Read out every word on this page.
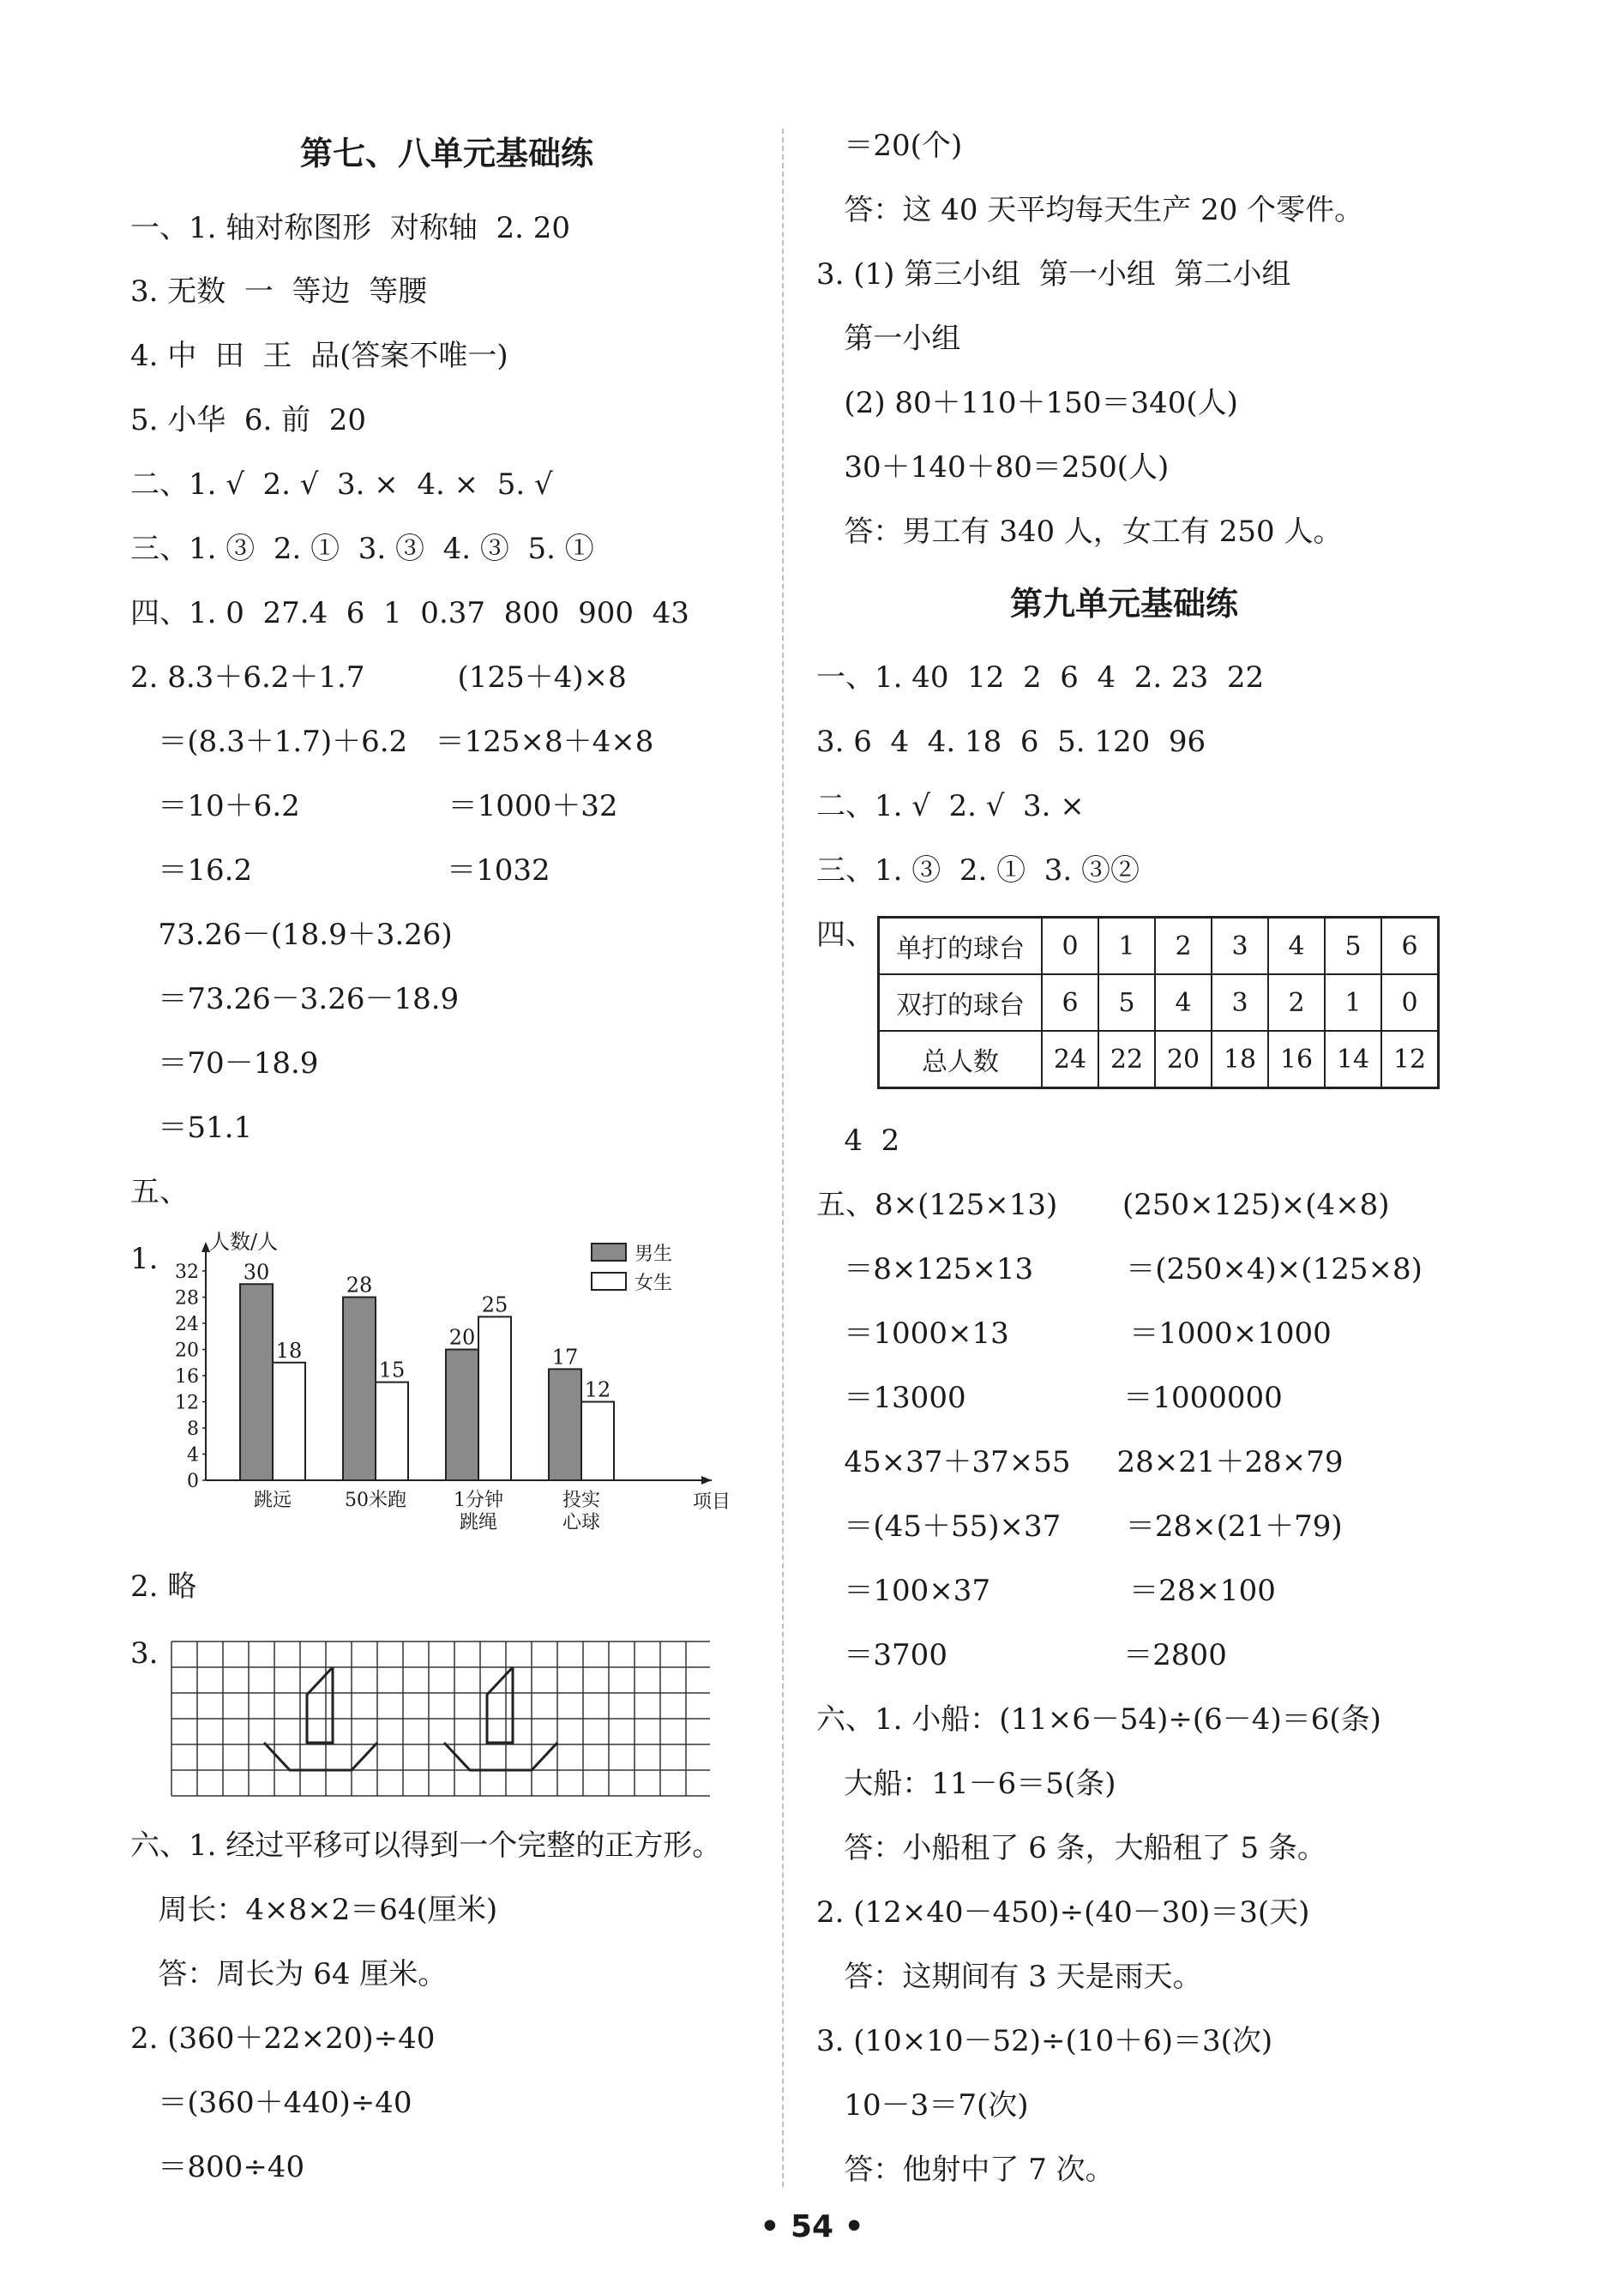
第七、八单元基础练
一、1. 轴对称图形  对称轴  2. 20
3. 无数  一  等边  等腰
4. 中  田  王  品(答案不唯一)
5. 小华  6. 前  20
二、1. √  2. √  3. ×  4. ×  5. √
三、1. ③  2. ①  3. ③  4. ③  5. ①
四、1. 0  27.4  6  1  0.37  800  900  43
2. 8.3＋6.2＋1.7          (125＋4)×8
＝(8.3＋1.7)＋6.2   ＝125×8＋4×8
＝10＋6.2                ＝1000＋32
＝16.2                     ＝1032
73.26－(18.9＋3.26)
＝73.26－3.26－18.9
＝70－18.9
＝51.1
五、
1.
0
4
8
12
16
20
24
28
32
人数/人
项目
30
18
跳远
28
15
50米跑
20
25
1分钟
跳绳
17
12
投实
心球
男生
女生
2. 略
3.
六、1. 经过平移可以得到一个完整的正方形。
周长：4×8×2＝64(厘米)
答：周长为 64 厘米。
2. (360＋22×20)÷40
＝(360＋440)÷40
＝800÷40
＝20(个)
答：这 40 天平均每天生产 20 个零件。
3. (1) 第三小组  第一小组  第二小组
第一小组
(2) 80＋110＋150＝340(人)
30＋140＋80＝250(人)
答：男工有 340 人，女工有 250 人。
第九单元基础练
一、1. 40  12  2  6  4  2. 23  22
3. 6  4  4. 18  6  5. 120  96
二、1. √  2. √  3. ×
三、1. ③  2. ①  3. ③②
四、
4  2
五、8×(125×13)       (250×125)×(4×8)
＝8×125×13          ＝(250×4)×(125×8)
＝1000×13             ＝1000×1000
＝13000                 ＝1000000
45×37＋37×55     28×21＋28×79
＝(45＋55)×37       ＝28×(21＋79)
＝100×37               ＝28×100
＝3700                   ＝2800
六、1. 小船：(11×6－54)÷(6－4)＝6(条)
大船：11－6＝5(条)
答：小船租了 6 条，大船租了 5 条。
2. (12×40－450)÷(40－30)＝3(天)
答：这期间有 3 天是雨天。
3. (10×10－52)÷(10＋6)＝3(次)
10－3＝7(次)
答：他射中了 7 次。
单打的球台	0	1	2	3	4	5	6
双打的球台	6	5	4	3	2	1	0
总人数	24	22	20	18	16	14	12
• 54 •
